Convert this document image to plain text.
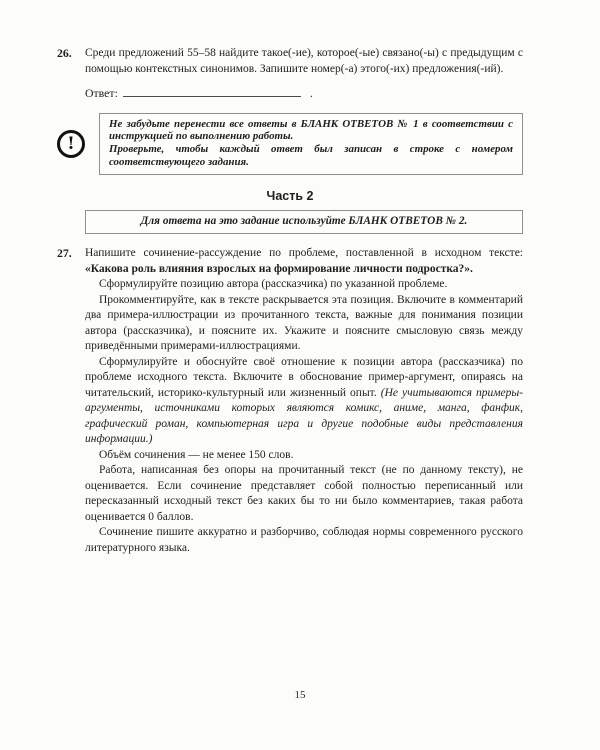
26.	Среди предложений 55–58 найдите такое(-ие), которое(-ые) связано(-ы) с предыдущим с помощью контекстных синонимов. Запишите номер(-а) этого(-их) предложения(-ий).

Ответ:	.
!

Не забудьте перенести все ответы в БЛАНК ОТВЕТОВ № 1 в соответствии с инструкцией по выполнению работы.

Проверьте, чтобы каждый ответ был записан в строке с номером соответствующего задания.

Часть 2
Для ответа на это задание используйте БЛАНК ОТВЕТОВ № 2.
27.	Напишите сочинение-рассуждение по проблеме, поставленной в исходном тексте: «Какова роль влияния взрослых на формирование личности подростка?».

Сформулируйте позицию автора (рассказчика) по указанной проблеме.

Прокомментируйте, как в тексте раскрывается эта позиция. Включите в комментарий два примера-иллюстрации из прочитанного текста, важные для понимания позиции автора (рассказчика), и поясните их. Укажите и поясните смысловую связь между приведёнными примерами-иллюстрациями.

Сформулируйте и обоснуйте своё отношение к позиции автора (рассказчика) по проблеме исходного текста. Включите в обоснование пример-аргумент, опираясь на читательский, историко-культурный или жизненный опыт. (Не учитываются примеры-аргументы, источниками которых являются комикс, аниме, манга, фанфик, графический роман, компьютерная игра и другие подобные виды представления информации.)

Объём сочинения — не менее 150 слов.

Работа, написанная без опоры на прочитанный текст (не по данному тексту), не оценивается. Если сочинение представляет собой полностью переписанный или пересказанный исходный текст без каких бы то ни было комментариев, такая работа оценивается 0 баллов.

Сочинение пишите аккуратно и разборчиво, соблюдая нормы современного русского литературного языка.

15
